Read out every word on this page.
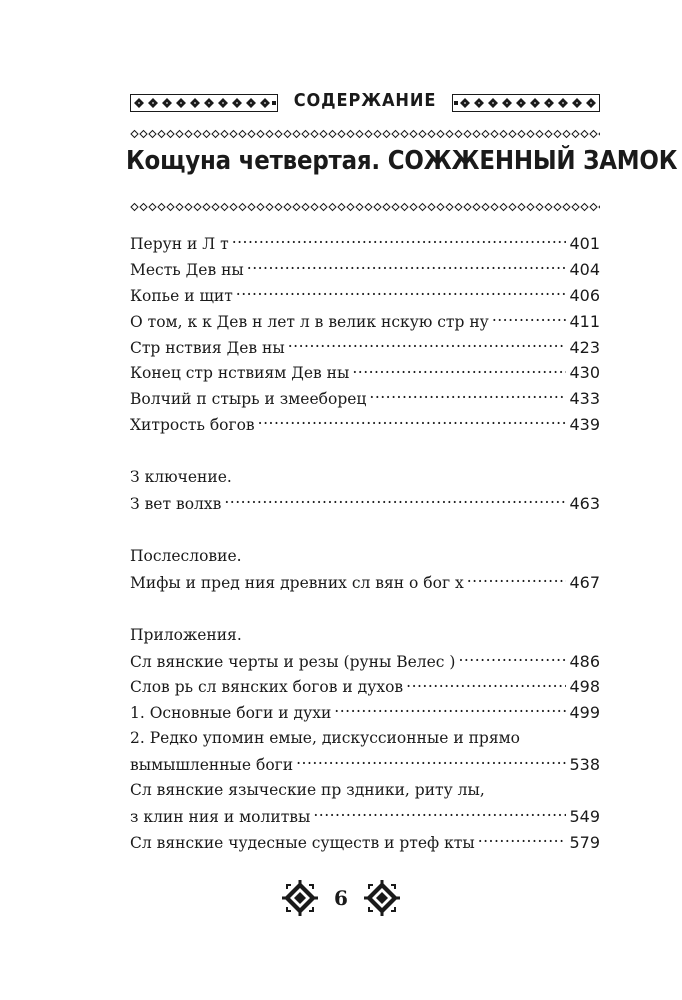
СОДЕРЖАНИЕ
Кощуна четвертая. СОЖЖЕННЫЙ ЗАМОК
Перун и Л т .....	401
Месть Дев ны .....	404
Копье и щит .....	406
О том, к к Дев н лет л в велик нскую стр ну .....	411
Стр нствия Дев ны .....	423
Конец стр нствиям Дев ны .....	430
Волчий п стырь и змееборец .....	433
Хитрость богов .....	439
З ключение.
З вет волхв .....	463
Послесловие.
Мифы и пред ния древних сл вян о бог х .....	467
Приложения.
Сл вянские черты и резы (руны Велес ) .....	486
Слов рь сл вянских богов и духов .....	498
1. Основные боги и духи .....	499
2. Редко упомин емые, дискуссионные и прямо
вымышленные боги .....	538
Сл вянские языческие пр здники, риту лы,
з клин ния и молитвы .....	549
Сл вянские чудесные существ и ртеф кты .....	579
6
